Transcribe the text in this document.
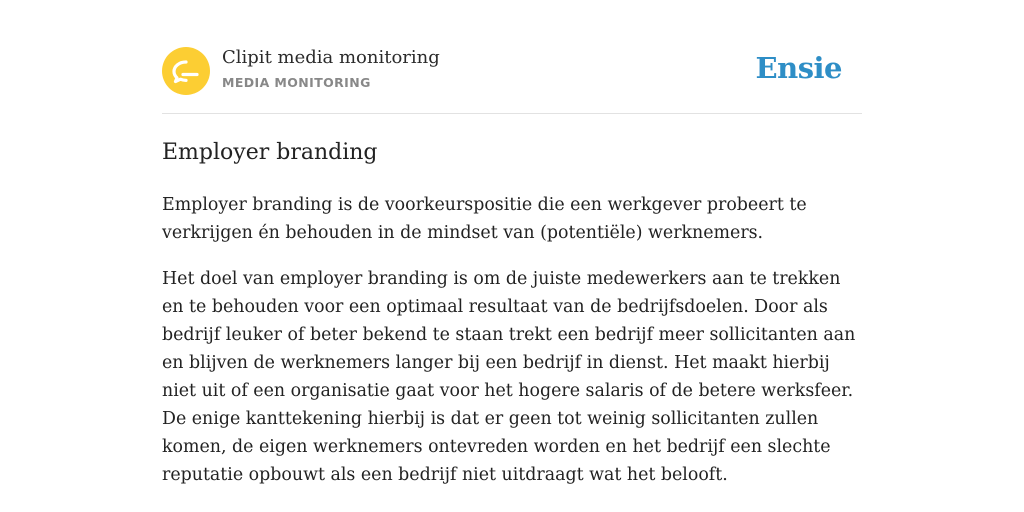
Clipit media monitoring
MEDIA MONITORING	Ensie
Employer branding

Employer branding is de voorkeurspositie die een werkgever probeert te verkrijgen én behouden in de mindset van (potentiële) werknemers.

Het doel van employer branding is om de juiste medewerkers aan te trekken en te behouden voor een optimaal resultaat van de bedrijfsdoelen. Door als bedrijf leuker of beter bekend te staan trekt een bedrijf meer sollicitanten aan en blijven de werknemers langer bij een bedrijf in dienst. Het maakt hierbij niet uit of een organisatie gaat voor het hogere salaris of de betere werksfeer. De enige kanttekening hierbij is dat er geen tot weinig sollicitanten zullen komen, de eigen werknemers ontevreden worden en het bedrijf een slechte reputatie opbouwt als een bedrijf niet uitdraagt wat het belooft.
